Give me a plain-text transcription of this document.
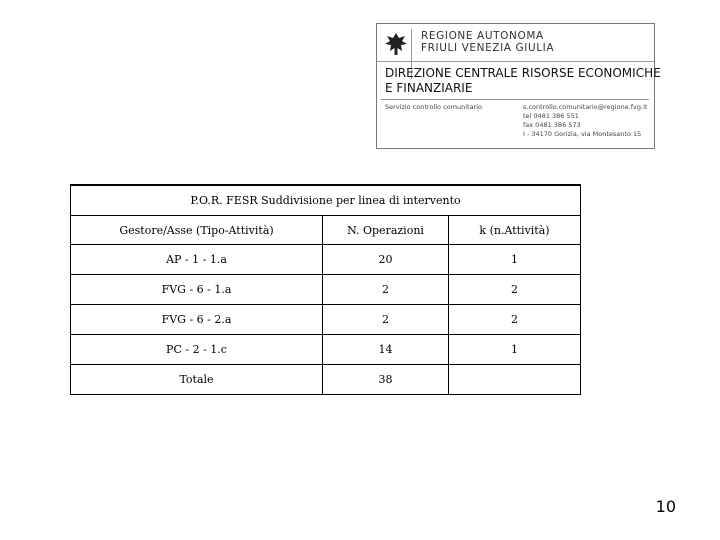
REGIONE AUTONOMA
FRIULI VENEZIA GIULIA
DIREZIONE CENTRALE RISORSE ECONOMICHE
E FINANZIARIE
Servizio controllo comunitario	s.controllo.comunitario@regione.fvg.it
tel 0481 386 551
fax 0481 386 573
I - 34170 Gorizia, via Montesanto 15
P.O.R. FESR Suddivisione per linea di intervento		
Gestore/Asse (Tipo-Attività)	N. Operazioni	k (n.Attività)
AP - 1 - 1.a	20	1
FVG - 6 - 1.a	2	2
FVG - 6 - 2.a	2	2
PC - 2 - 1.c	14	1
Totale	38	
10
